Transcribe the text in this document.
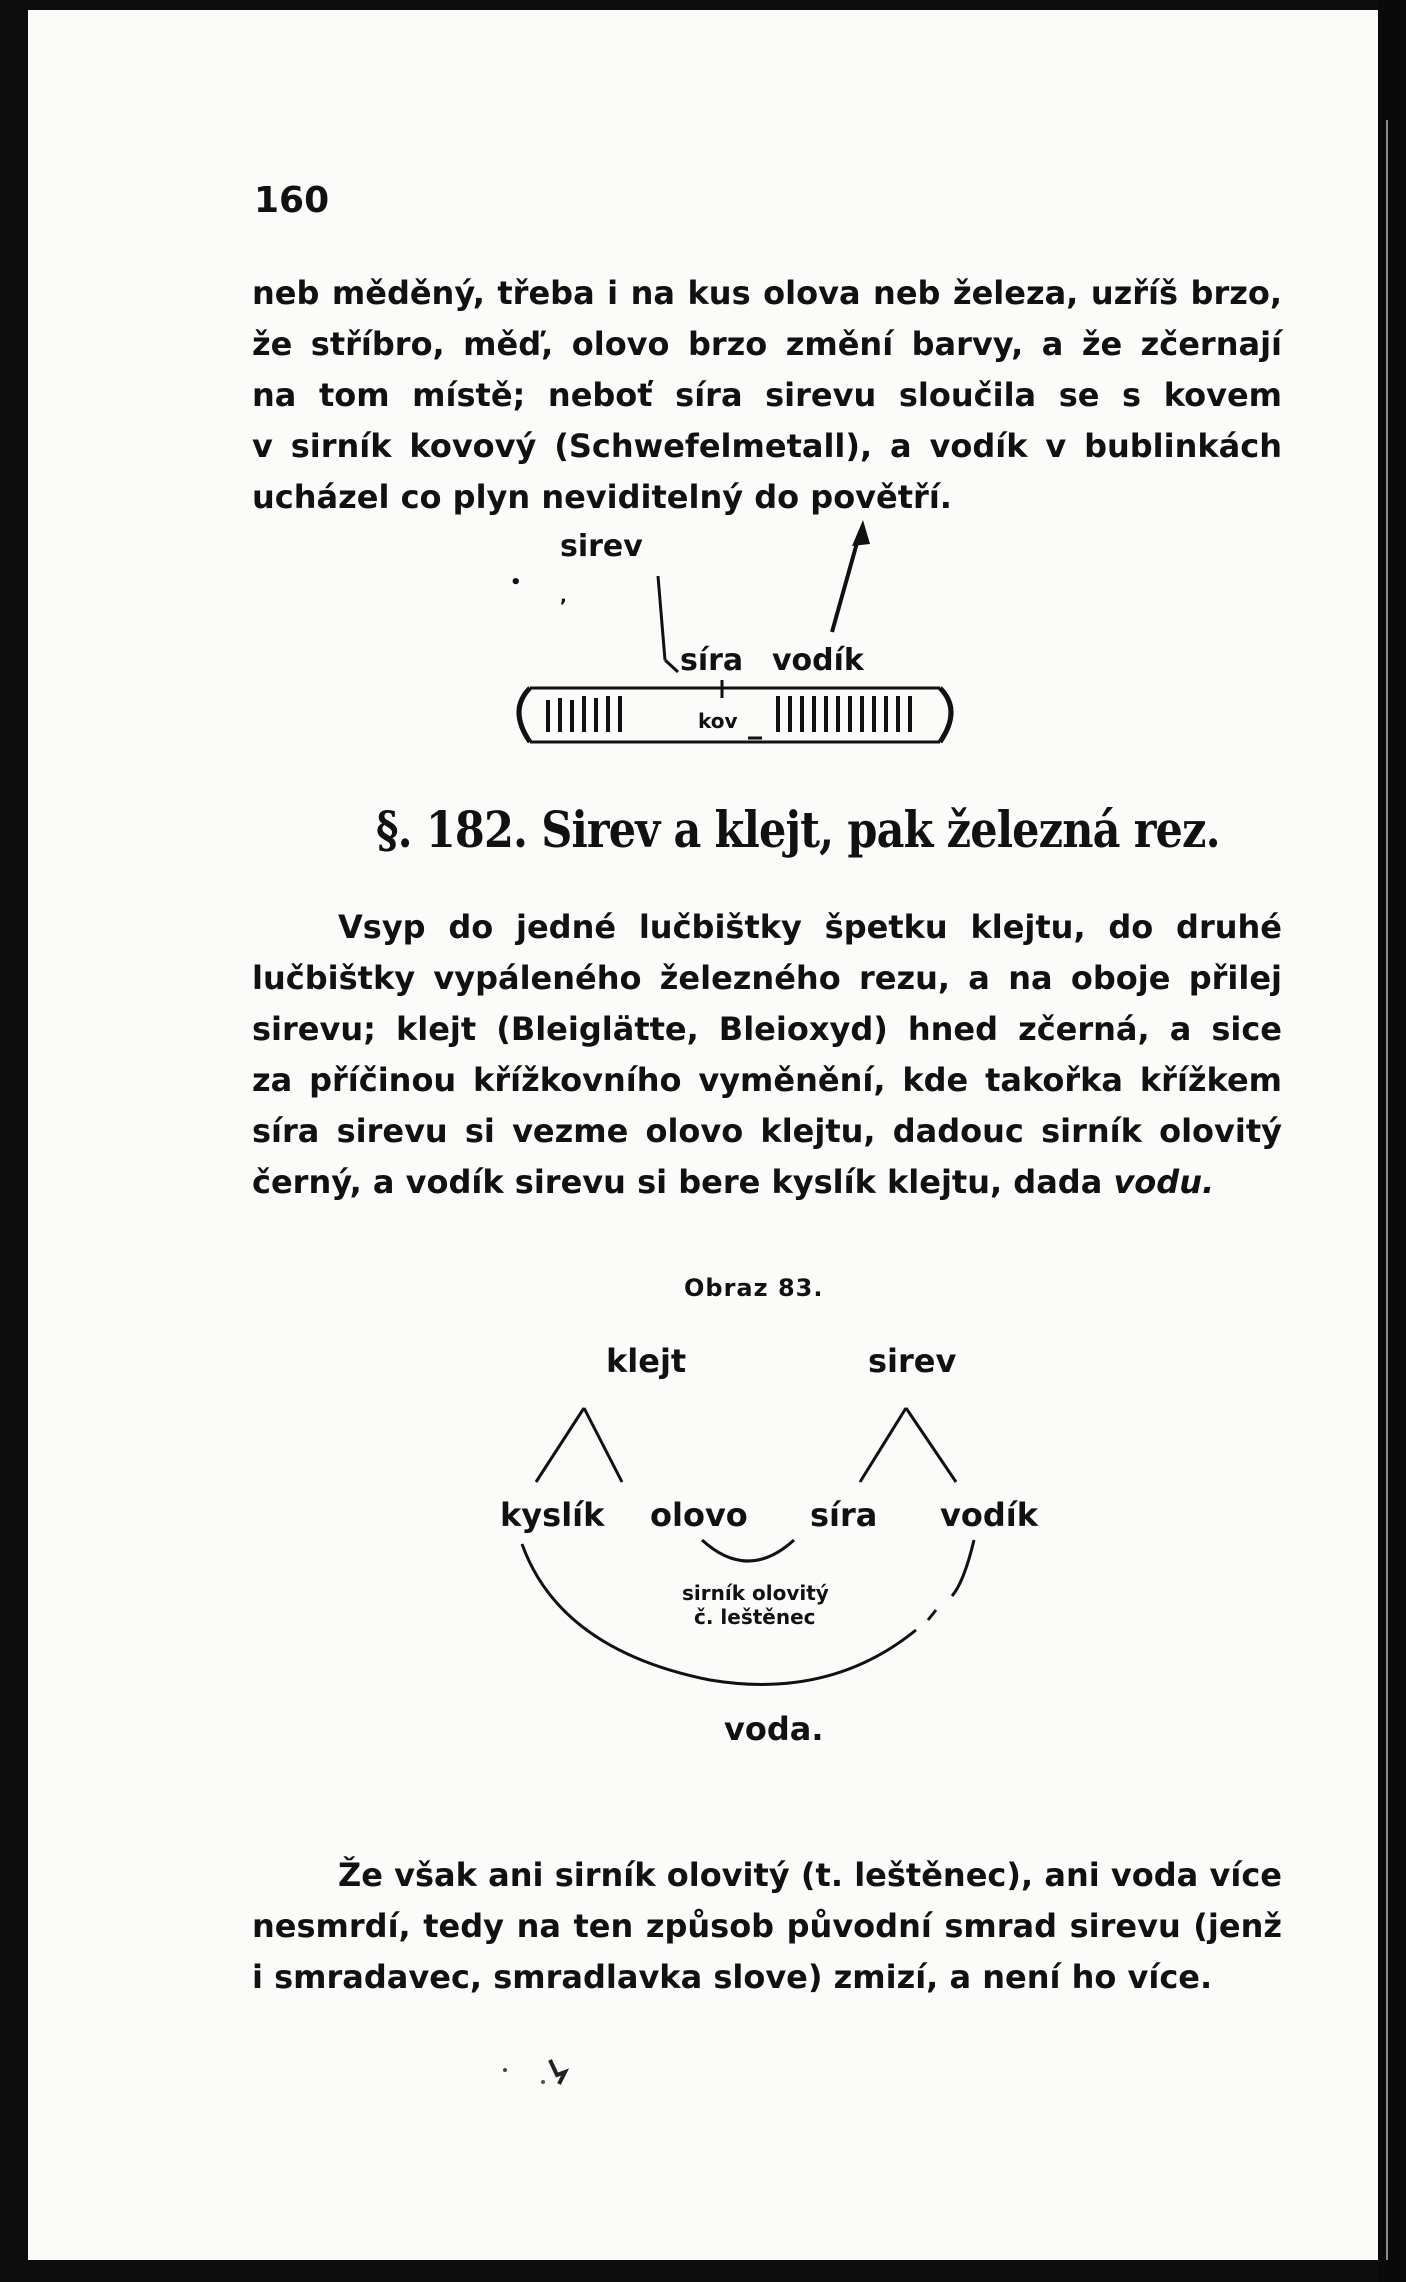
160
neb měděný, třeba i na kus olova neb železa, uzříš brzo,
že stříbro, měď, olovo brzo změní barvy, a že zčernají
na tom místě; neboť síra sirevu sloučila se s kovem
v sirník kovový (Schwefelmetall), a vodík v bublinkách
ucházel co plyn neviditelný do povětří.
sirev
•
,
síra vodík
kov
§. 182. Sirev a klejt, pak železná rez.
Vsyp do jedné lučbištky špetku klejtu, do druhé
lučbištky vypáleného železného rezu, a na oboje přilej
sirevu; klejt (Bleiglätte, Bleioxyd) hned zčerná, a sice
za příčinou křížkovního vyměnění, kde takořka křížkem
síra sirevu si vezme olovo klejtu, dadouc sirník olovitý
černý, a vodík sirevu si bere kyslík klejtu, dada vodu.
Obraz 83.
klejt	sirev
kyslík olovo síra vodík
sirník olovitý
č. leštěnec
voda.
Že však ani sirník olovitý (t. leštěnec), ani voda více
nesmrdí, tedy na ten způsob původní smrad sirevu (jenž
i smradavec, smradlavka slove) zmizí, a není ho více.
